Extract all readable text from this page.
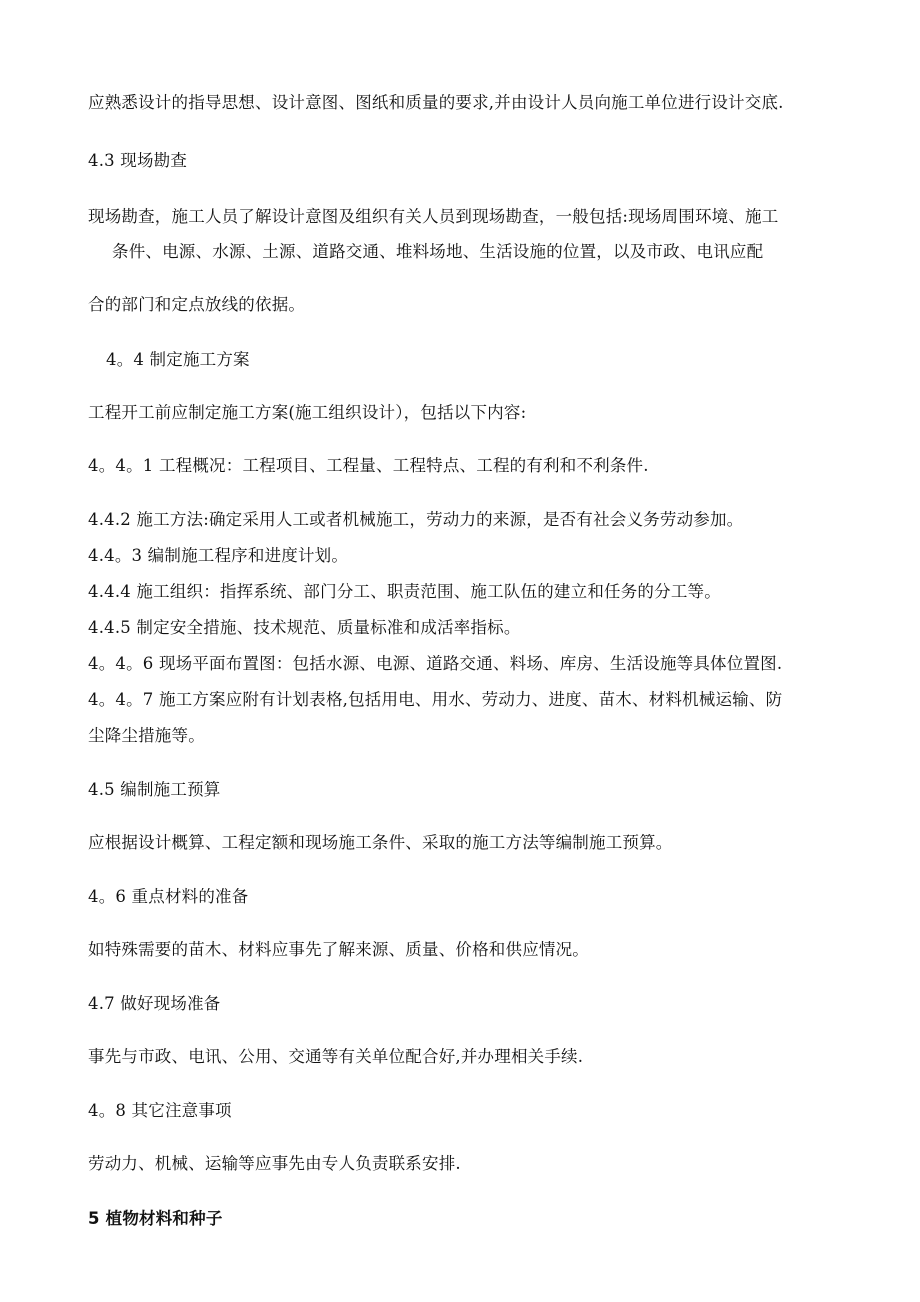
应熟悉设计的指导思想、设计意图、图纸和质量的要求,并由设计人员向施工单位进行设计交底.
4.3 现场勘查
现场勘查，施工人员了解设计意图及组织有关人员到现场勘查，一般包括:现场周围环境、施工
条件、电源、水源、土源、道路交通、堆料场地、生活设施的位置，以及市政、电讯应配
合的部门和定点放线的依据。
4。4 制定施工方案
工程开工前应制定施工方案(施工组织设计），包括以下内容:
4。4。1 工程概况：工程项目、工程量、工程特点、工程的有利和不利条件.
4.4.2 施工方法:确定采用人工或者机械施工，劳动力的来源，是否有社会义务劳动参加。
4.4。3 编制施工程序和进度计划。
4.4.4 施工组织：指挥系统、部门分工、职责范围、施工队伍的建立和任务的分工等。
4.4.5 制定安全措施、技术规范、质量标准和成活率指标。
4。4。6 现场平面布置图：包括水源、电源、道路交通、料场、库房、生活设施等具体位置图.
4。4。7 施工方案应附有计划表格,包括用电、用水、劳动力、进度、苗木、材料机械运输、防
尘降尘措施等。
4.5 编制施工预算
应根据设计概算、工程定额和现场施工条件、采取的施工方法等编制施工预算。
4。6 重点材料的准备
如特殊需要的苗木、材料应事先了解来源、质量、价格和供应情况。
4.7 做好现场准备
事先与市政、电讯、公用、交通等有关单位配合好,并办理相关手续.
4。8 其它注意事项
劳动力、机械、运输等应事先由专人负责联系安排.
5 植物材料和种子
